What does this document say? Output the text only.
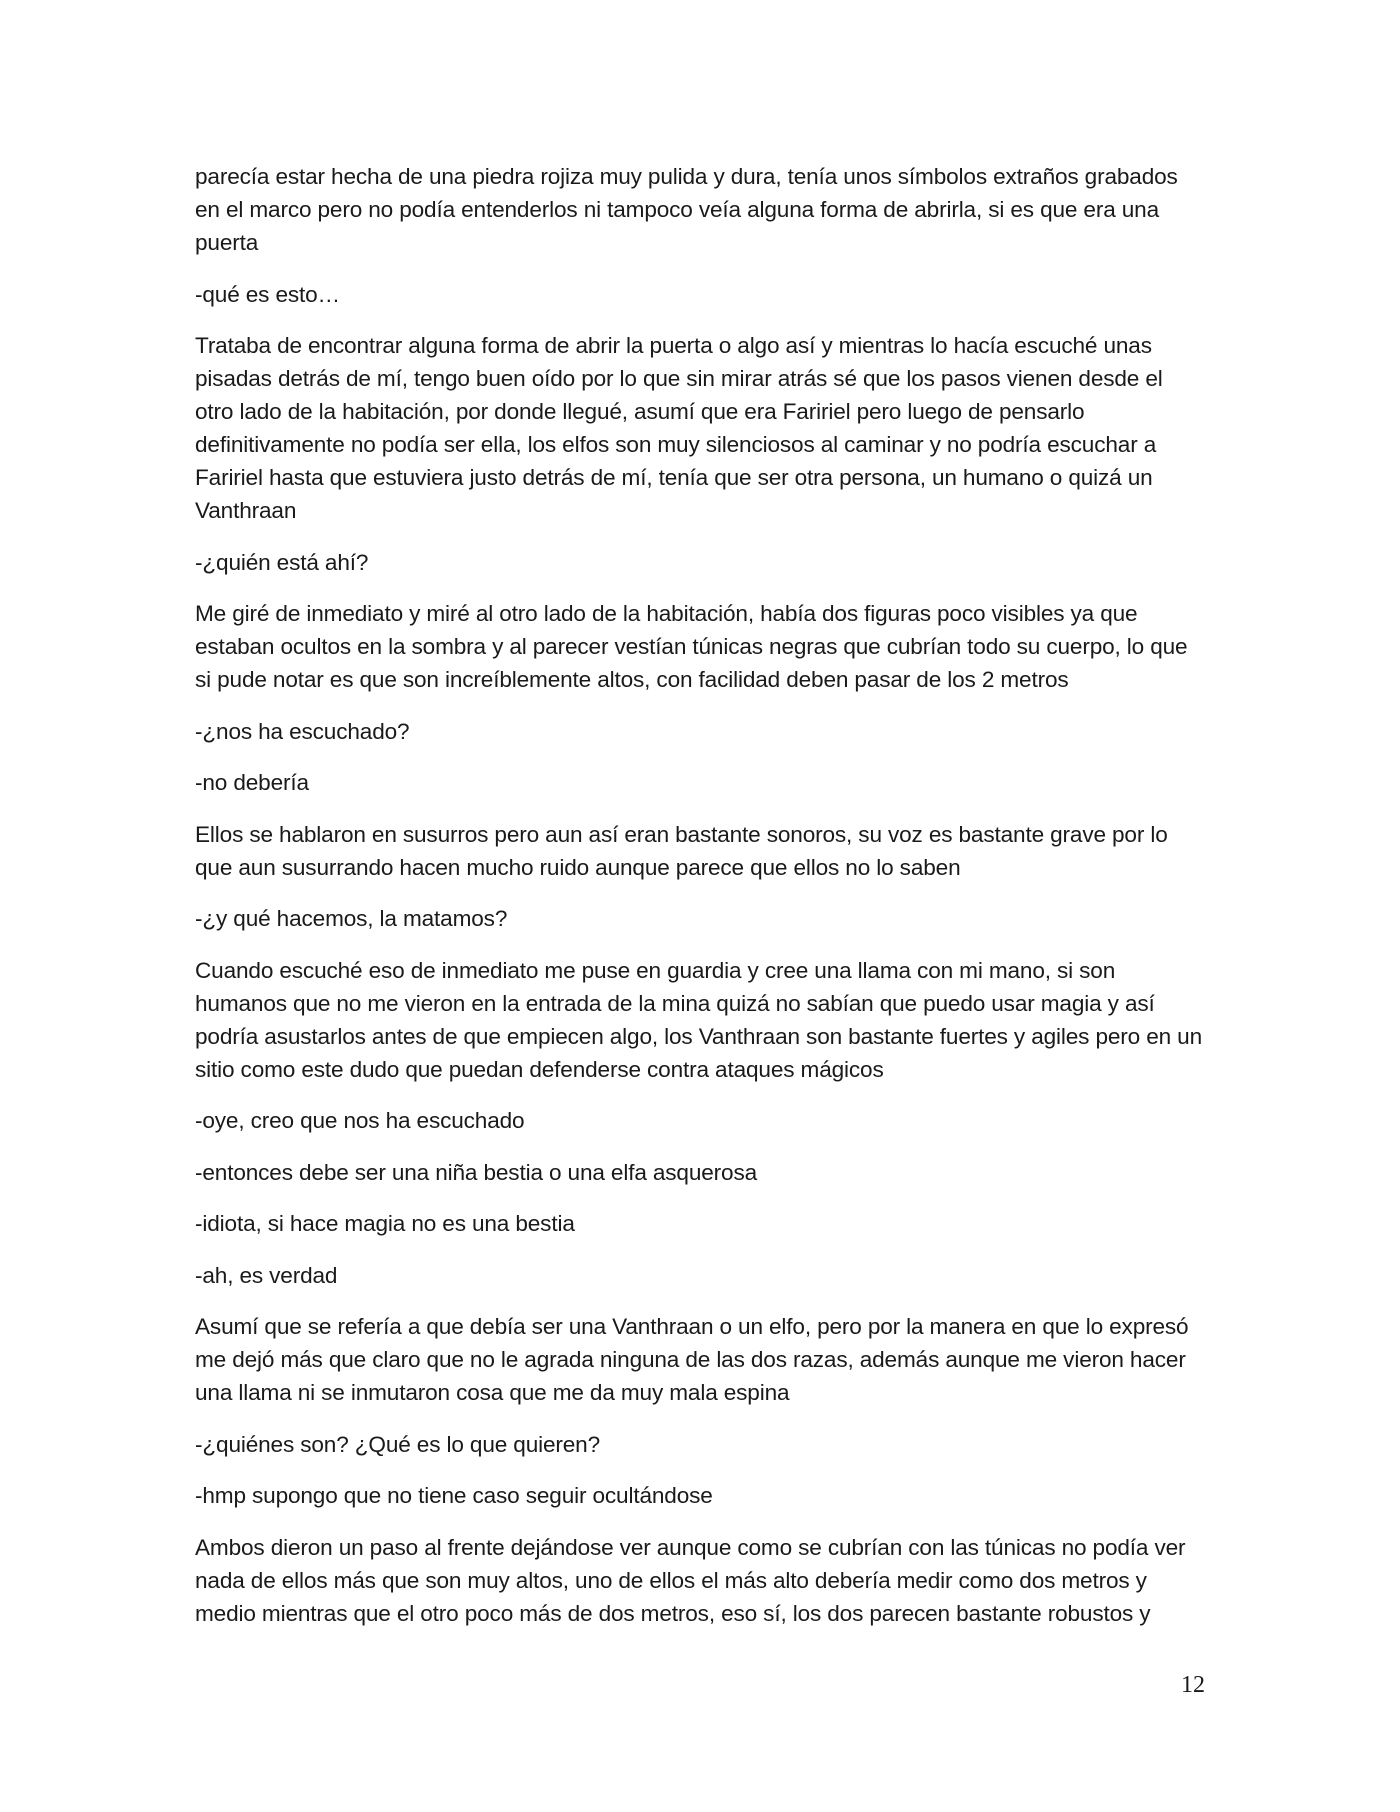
parecía estar hecha de una piedra rojiza muy pulida y dura, tenía unos símbolos extraños grabados en el marco pero no podía entenderlos ni tampoco veía alguna forma de abrirla, si es que era una puerta

-qué es esto…

Trataba de encontrar alguna forma de abrir la puerta o algo así y mientras lo hacía escuché unas pisadas detrás de mí, tengo buen oído por lo que sin mirar atrás sé que los pasos vienen desde el otro lado de la habitación, por donde llegué, asumí que era Faririel pero luego de pensarlo definitivamente no podía ser ella, los elfos son muy silenciosos al caminar y no podría escuchar a Faririel hasta que estuviera justo detrás de mí, tenía que ser otra persona, un humano o quizá un Vanthraan

-¿quién está ahí?

Me giré de inmediato y miré al otro lado de la habitación, había dos figuras poco visibles ya que estaban ocultos en la sombra y al parecer vestían túnicas negras que cubrían todo su cuerpo, lo que si pude notar es que son increíblemente altos, con facilidad deben pasar de los 2 metros

-¿nos ha escuchado?

-no debería

Ellos se hablaron en susurros pero aun así eran bastante sonoros, su voz es bastante grave por lo que aun susurrando hacen mucho ruido aunque parece que ellos no lo saben

-¿y qué hacemos, la matamos?

Cuando escuché eso de inmediato me puse en guardia y cree una llama con mi mano, si son humanos que no me vieron en la entrada de la mina quizá no sabían que puedo usar magia y así podría asustarlos antes de que empiecen algo, los Vanthraan son bastante fuertes y agiles pero en un sitio como este dudo que puedan defenderse contra ataques mágicos

-oye, creo que nos ha escuchado

-entonces debe ser una niña bestia o una elfa asquerosa

-idiota, si hace magia no es una bestia

-ah, es verdad

Asumí que se refería a que debía ser una Vanthraan o un elfo, pero por la manera en que lo expresó me dejó más que claro que no le agrada ninguna de las dos razas, además aunque me vieron hacer una llama ni se inmutaron cosa que me da muy mala espina

-¿quiénes son? ¿Qué es lo que quieren?

-hmp supongo que no tiene caso seguir ocultándose

Ambos dieron un paso al frente dejándose ver aunque como se cubrían con las túnicas no podía ver nada de ellos más que son muy altos, uno de ellos el más alto debería medir como dos metros y medio mientras que el otro poco más de dos metros, eso sí, los dos parecen bastante robustos y

12
